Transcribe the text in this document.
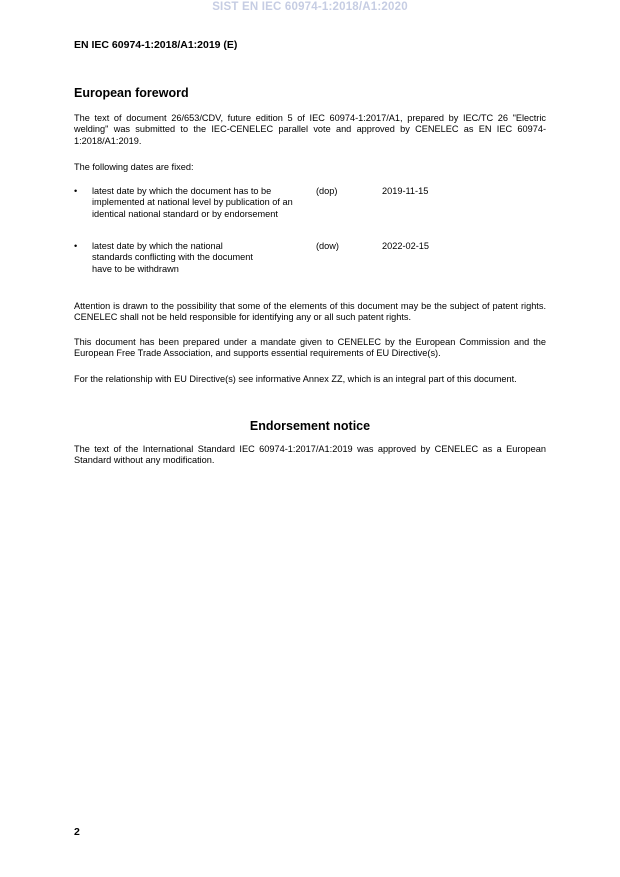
SIST EN IEC 60974-1:2018/A1:2020
EN IEC 60974-1:2018/A1:2019 (E)
European foreword
The text of document 26/653/CDV, future edition 5 of IEC 60974-1:2017/A1, prepared by IEC/TC 26 "Electric welding" was submitted to the IEC-CENELEC parallel vote and approved by CENELEC as EN IEC 60974-1:2018/A1:2019.
The following dates are fixed:
• latest date by which the document has to be implemented at national level by publication of an identical national standard or by endorsement
(dop)	2019-11-15
• latest date by which the national standards conflicting with the document have to be withdrawn
(dow)	2022-02-15
Attention is drawn to the possibility that some of the elements of this document may be the subject of patent rights. CENELEC shall not be held responsible for identifying any or all such patent rights.
This document has been prepared under a mandate given to CENELEC by the European Commission and the European Free Trade Association, and supports essential requirements of EU Directive(s).
For the relationship with EU Directive(s) see informative Annex ZZ, which is an integral part of this document.
Endorsement notice
The text of the International Standard IEC 60974-1:2017/A1:2019 was approved by CENELEC as a European Standard without any modification.
2
